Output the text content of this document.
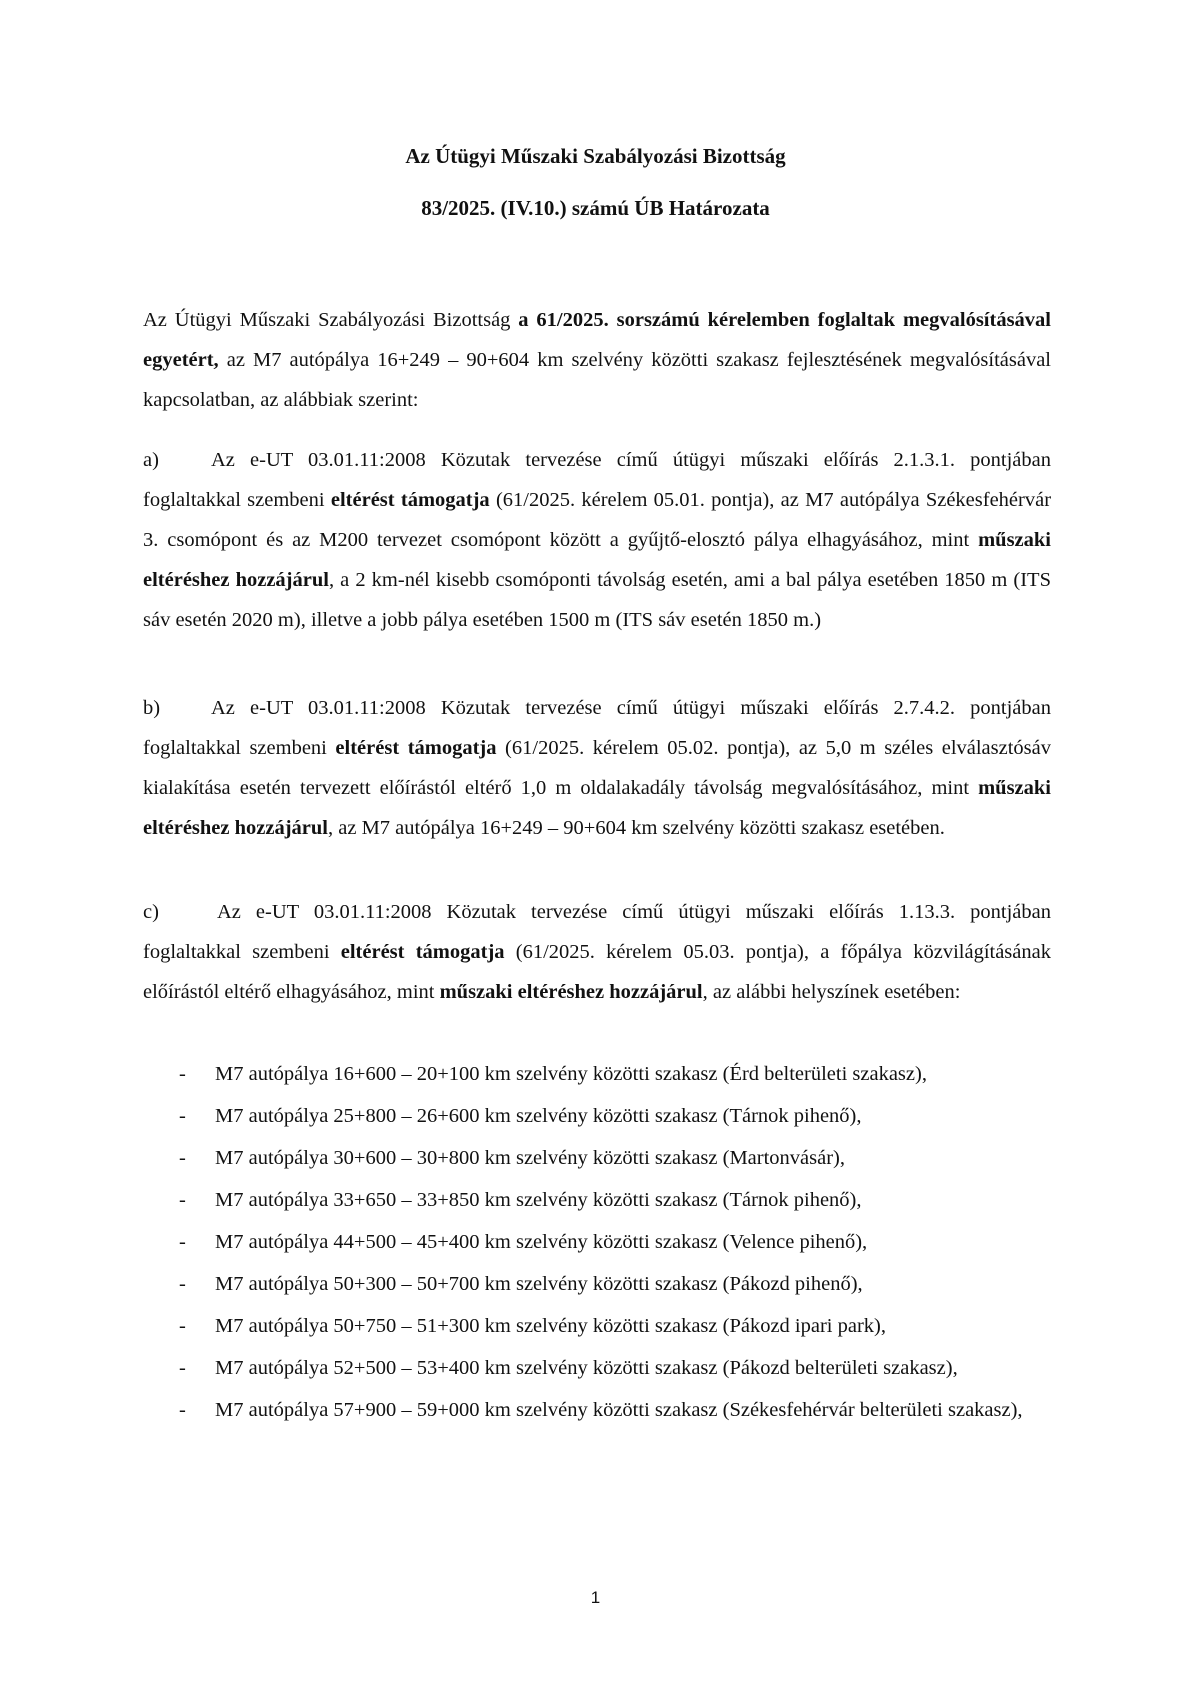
Az Útügyi Műszaki Szabályozási Bizottság
83/2025. (IV.10.) számú ÚB Határozata

Az Útügyi Műszaki Szabályozási Bizottság a 61/2025. sorszámú kérelemben foglaltak megvalósításával egyetért, az M7 autópálya 16+249 – 90+604 km szelvény közötti szakasz fejlesztésének megvalósításával kapcsolatban, az alábbiak szerint:

a)	Az e-UT 03.01.11:2008 Közutak tervezése című útügyi műszaki előírás 2.1.3.1. pontjában foglaltakkal szembeni eltérést támogatja (61/2025. kérelem 05.01. pontja), az M7 autópálya Székesfehérvár 3. csomópont és az M200 tervezet csomópont között a gyűjtő-elosztó pálya elhagyásához, mint műszaki eltéréshez hozzájárul, a 2 km-nél kisebb csomóponti távolság esetén, ami a bal pálya esetében 1850 m (ITS sáv esetén 2020 m), illetve a jobb pálya esetében 1500 m (ITS sáv esetén 1850 m.)

b) Az e-UT 03.01.11:2008 Közutak tervezése című útügyi műszaki előírás 2.7.4.2. pontjában foglaltakkal szembeni eltérést támogatja (61/2025. kérelem 05.02. pontja), az 5,0 m széles elválasztósáv kialakítása esetén tervezett előírástól eltérő 1,0 m oldalakadály távolság megvalósításához, mint műszaki eltéréshez hozzájárul, az M7 autópálya 16+249 – 90+604 km szelvény közötti szakasz esetében.

c)	Az e-UT 03.01.11:2008 Közutak tervezése című útügyi műszaki előírás 1.13.3. pontjában foglaltakkal szembeni eltérést támogatja (61/2025. kérelem 05.03. pontja), a főpálya közvilágításának előírástól eltérő elhagyásához, mint műszaki eltéréshez hozzájárul, az alábbi helyszínek esetében:

- M7 autópálya 16+600 – 20+100 km szelvény közötti szakasz (Érd belterületi szakasz),
- M7 autópálya 25+800 – 26+600 km szelvény közötti szakasz (Tárnok pihenő),
- M7 autópálya 30+600 – 30+800 km szelvény közötti szakasz (Martonvásár),
- M7 autópálya 33+650 – 33+850 km szelvény közötti szakasz (Tárnok pihenő),
- M7 autópálya 44+500 – 45+400 km szelvény közötti szakasz (Velence pihenő),
- M7 autópálya 50+300 – 50+700 km szelvény közötti szakasz (Pákozd pihenő),
- M7 autópálya 50+750 – 51+300 km szelvény közötti szakasz (Pákozd ipari park),
- M7 autópálya 52+500 – 53+400 km szelvény közötti szakasz (Pákozd belterületi szakasz),
- M7 autópálya 57+900 – 59+000 km szelvény közötti szakasz (Székesfehérvár belterületi szakasz),
1
